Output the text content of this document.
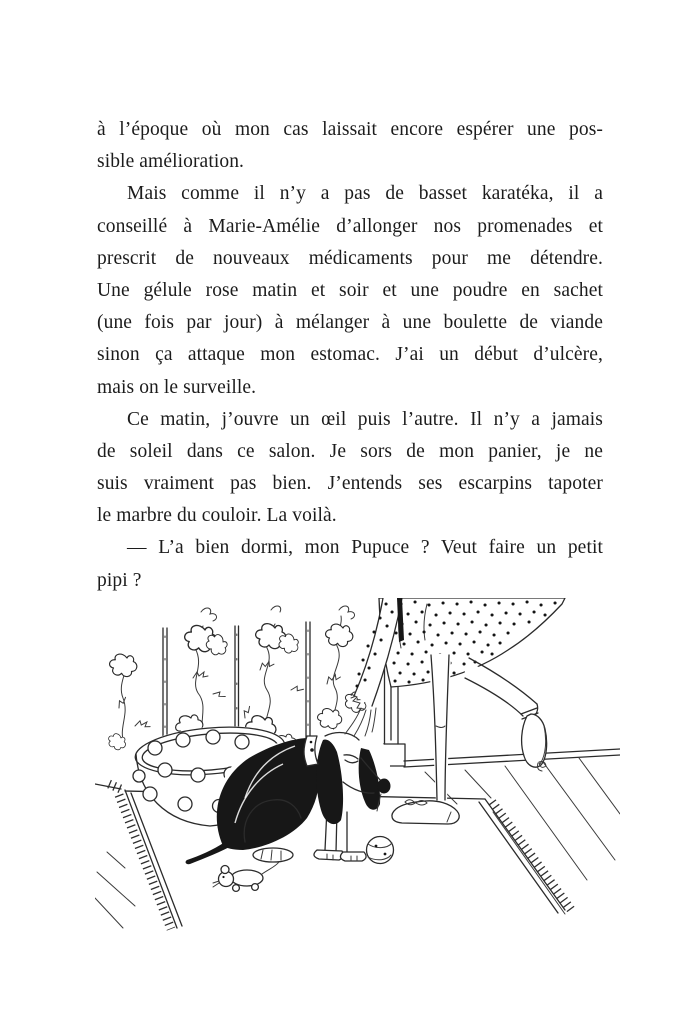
à l’époque où mon cas laissait encore espérer une pos-
sible amélioration.
Mais comme il n’y a pas de basset karatéka, il a
conseillé à Marie-Amélie d’allonger nos promenades et
prescrit de nouveaux médicaments pour me détendre.
Une gélule rose matin et soir et une poudre en sachet
(une fois par jour) à mélanger à une boulette de viande
sinon ça attaque mon estomac. J’ai un début d’ulcère,
mais on le surveille.
Ce matin, j’ouvre un œil puis l’autre. Il n’y a jamais
de soleil dans ce salon. Je sors de mon panier, je ne
suis vraiment pas bien. J’entends ses escarpins tapoter
le marbre du couloir. La voilà.
— L’a bien dormi, mon Pupuce ? Veut faire un petit
pipi ?
